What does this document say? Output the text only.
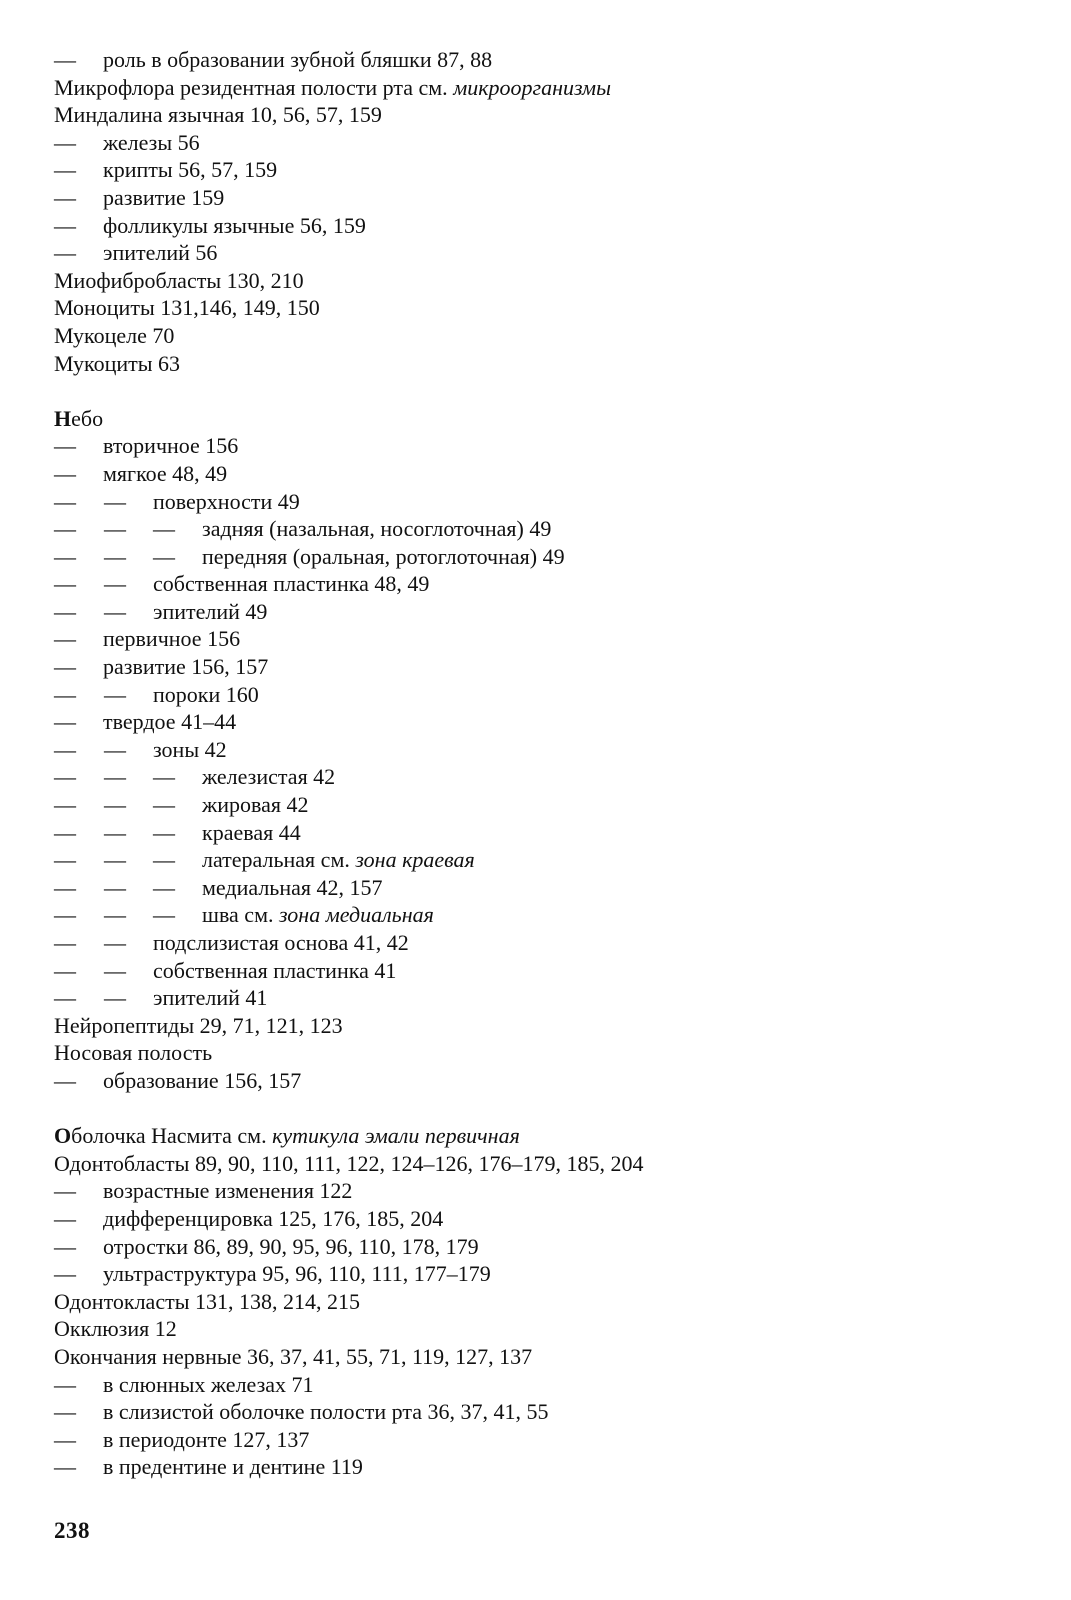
— роль в образовании зубной бляшки 87, 88
Микрофлора резидентная полости рта см. микроорганизмы
Миндалина язычная 10, 56, 57, 159
— железы 56
— крипты 56, 57, 159
— развитие 159
— фолликулы язычные 56, 159
— эпителий 56
Миофибробласты 130, 210
Моноциты 131,146, 149, 150
Мукоцеле 70
Мукоциты 63
Небо
— вторичное 156
— мягкое 48, 49
— — поверхности 49
— — — задняя (назальная, носоглоточная) 49
— — — передняя (оральная, ротоглоточная) 49
— — собственная пластинка 48, 49
— — эпителий 49
— первичное 156
— развитие 156, 157
— — пороки 160
— твердое 41–44
— — зоны 42
— — — железистая 42
— — — жировая 42
— — — краевая 44
— — — латеральная см. зона краевая
— — — медиальная 42, 157
— — — шва см. зона медиальная
— — подслизистая основа 41, 42
— — собственная пластинка 41
— — эпителий 41
Нейропептиды 29, 71, 121, 123
Носовая полость
— образование 156, 157
Оболочка Насмита см. кутикула эмали первичная
Одонтобласты 89, 90, 110, 111, 122, 124–126, 176–179, 185, 204
— возрастные изменения 122
— дифференцировка 125, 176, 185, 204
— отростки 86, 89, 90, 95, 96, 110, 178, 179
— ультраструктура 95, 96, 110, 111, 177–179
Одонтокласты 131, 138, 214, 215
Окклюзия 12
Окончания нервные 36, 37, 41, 55, 71, 119, 127, 137
— в слюнных железах 71
— в слизистой оболочке полости рта 36, 37, 41, 55
— в периодонте 127, 137
— в предентине и дентине 119
238
